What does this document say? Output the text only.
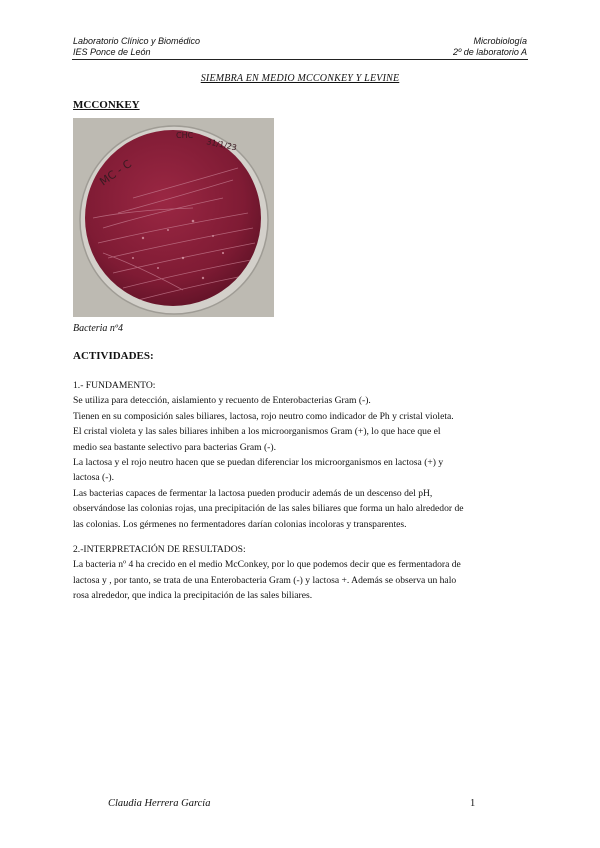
Laboratorio Clínico y Biomédico
IES Ponce de León
Microbiología
2º de laboratorio A
SIEMBRA EN MEDIO MCCONKEY Y LEVINE
MCCONKEY
MC - C
CHC
31/1/23
Bacteria nº4
ACTIVIDADES:

1.- FUNDAMENTO:

Se utiliza para detección, aislamiento y recuento de Enterobacterias Gram (-).

Tienen en su composición sales biliares, lactosa, rojo neutro como indicador de Ph y cristal violeta.

El cristal violeta y las sales biliares inhiben a los microorganismos Gram (+), lo que hace que el

medio sea bastante selectivo para bacterias Gram (-).

La lactosa y el rojo neutro hacen que se puedan diferenciar los microorganismos en lactosa (+) y

lactosa (-).

Las bacterias capaces de fermentar la lactosa pueden producir además de un descenso del pH,

observándose las colonias rojas, una precipitación de las sales biliares que forma un halo alrededor de

las colonias. Los gérmenes no fermentadores darían colonias incoloras y transparentes.

2.-INTERPRETACIÓN DE RESULTADOS:

La bacteria nº 4 ha crecido en el medio McConkey, por lo que podemos decir que es fermentadora de

lactosa y , por tanto, se trata de una Enterobacteria Gram (-) y lactosa +. Además se observa un halo

rosa alrededor, que indica la precipitación de las sales biliares.

Claudia Herrera García	1
